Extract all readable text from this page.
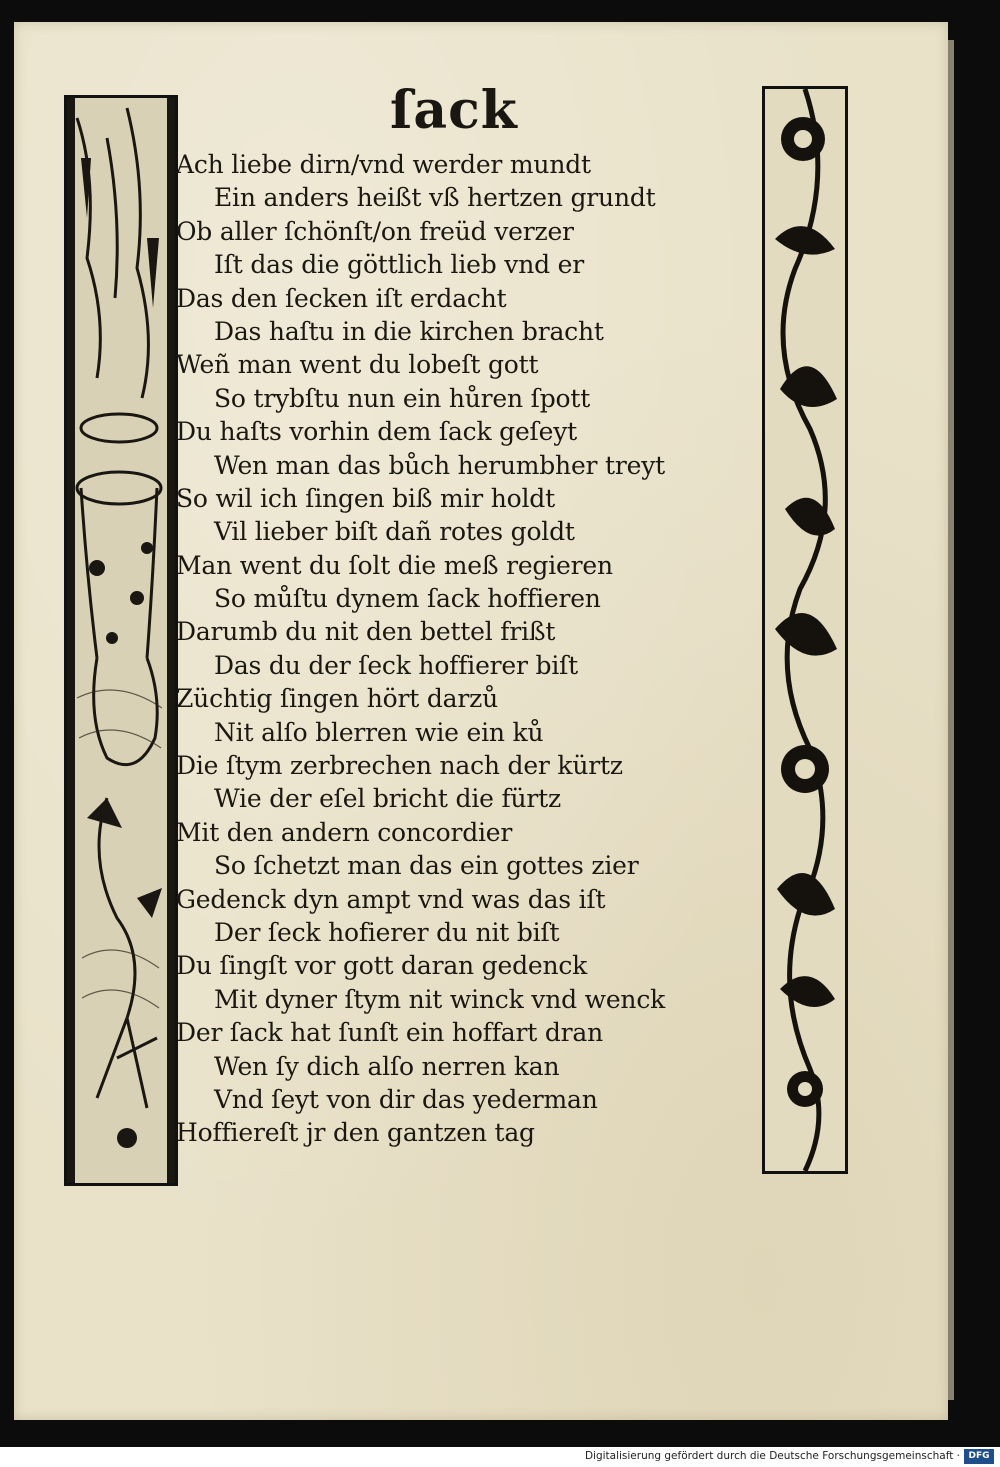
ſack
Ach liebe dirn/vnd werder mundt
Ein anders heißt vß hertzen grundt
Ob aller ſchönſt/on freüd verzer
Iſt das die göttlich lieb vnd er
Das den ſecken iſt erdacht
Das haſtu in die kirchen bracht
Weñ man went du lobeſt gott
So trybſtu nun ein hůren ſpott
Du haſts vorhin dem ſack geſeyt
Wen man das bůch herumbher treyt
So wil ich ſingen biß mir holdt
Vil lieber biſt dañ rotes goldt
Man went du ſolt die meß regieren
So můſtu dynem ſack hoffieren
Darumb du nit den bettel frißt
Das du der ſeck hoffierer biſt
Züchtig ſingen hört darzů
Nit alſo blerren wie ein ků
Die ſtym zerbrechen nach der kürtz
Wie der eſel bricht die fürtz
Mit den andern concordier
So ſchetzt man das ein gottes zier
Gedenck dyn ampt vnd was das iſt
Der ſeck hofierer du nit biſt
Du ſingſt vor gott daran gedenck
Mit dyner ſtym nit winck vnd wenck
Der ſack hat ſunſt ein hoffart dran
Wen ſy dich alſo nerren kan
Vnd ſeyt von dir das yederman
Hoffiereſt jr den gantzen tag
Digitalisierung gefördert durch die Deutsche Forschungsgemeinschaft · DFG
